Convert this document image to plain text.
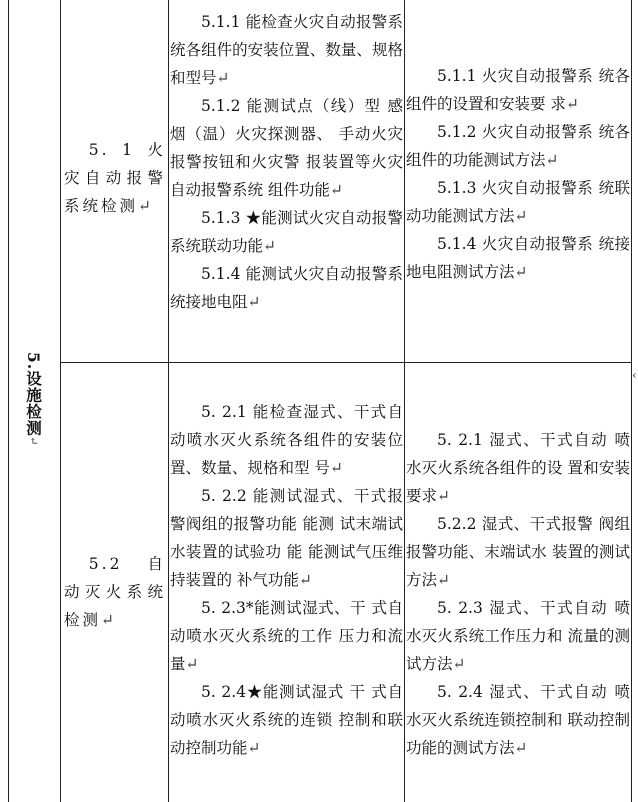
5.设施检测↵

5. 1 火灾自动报警系统检测↵

5.1.1 能检查火灾自动报警系统各组件的安装位置、数量、规格和型号↵

5.1.2 能测试点（线）型 感烟（温）火灾探测器、 手动火灾报警按钮和火灾警 报装置等火灾自动报警系统 组件功能↵

5.1.3 ★能测试火灾自动报警系统联动功能↵

5.1.4 能测试火灾自动报警系统接地电阻↵

5.1.1 火灾自动报警系 统各组件的设置和安装要 求↵

5.1.2 火灾自动报警系 统各组件的功能测试方法↵

5.1.3 火灾自动报警系 统联动功能测试方法↵

5.1.4 火灾自动报警系 统接地电阻测试方法↵

5.2 自 动灭火系统检测↵

5. 2.1 能检查湿式、干式自动喷水灭火系统各组件的安装位置、数量、规格和型 号↵

5. 2.2 能测试湿式、干式报警阀组的报警功能 能测 试末端试水装置的试验功 能 能测试气压维持装置的 补气功能↵

5. 2.3*能测试湿式、干 式自动喷水灭火系统的工作 压力和流量↵

5. 2.4★能测试湿式 干 式自动喷水灭火系统的连锁 控制和联动控制功能↵

5. 2.1 湿式、干式自动 喷水灭火系统各组件的设 置和安装要求↵

5.2.2 湿式、干式报警 阀组报警功能、末端试水 装置的测试方法↵

5. 2.3 湿式、干式自动 喷水灭火系统工作压力和 流量的测试方法↵

5. 2.4 湿式、干式自动 喷水灭火系统连锁控制和 联动控制功能的测试方法↵

‹
